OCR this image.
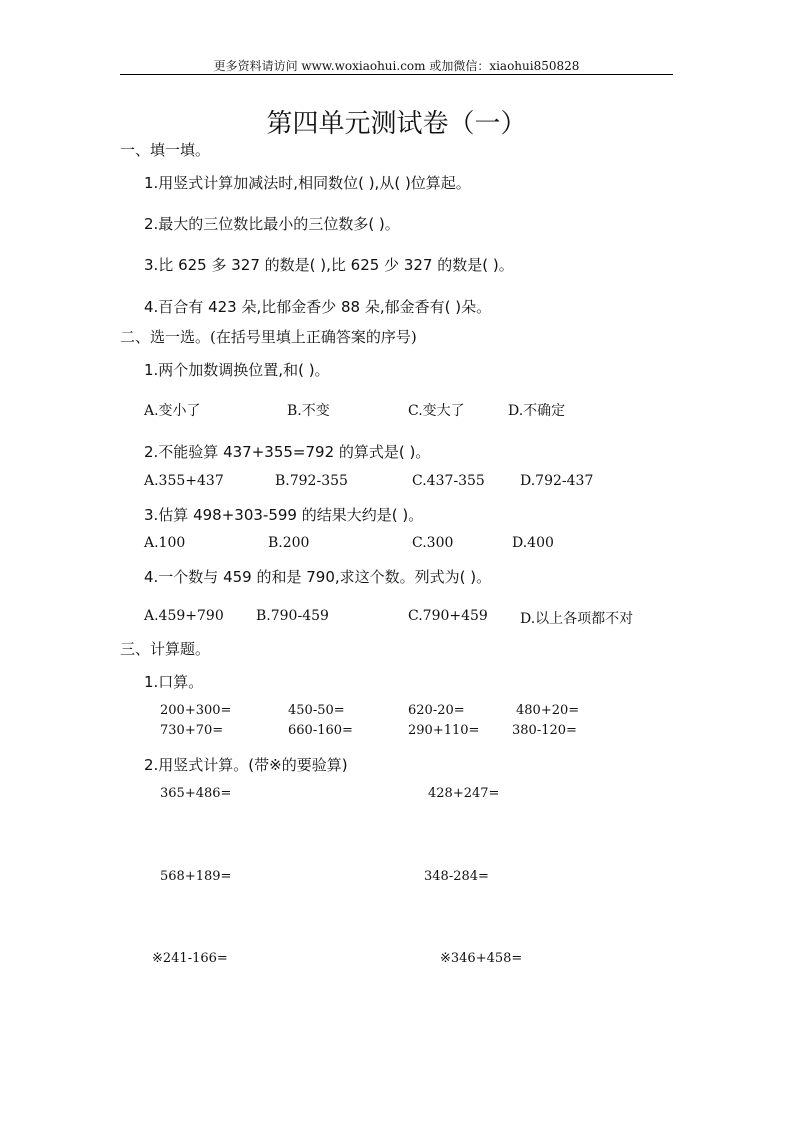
更多资料请访问 www.woxiaohui.com 或加微信：xiaohui850828
第四单元测试卷（一）
一、填一填。
1.用竖式计算加减法时,相同数位( ),从( )位算起。
2.最大的三位数比最小的三位数多( )。
3.比 625 多 327 的数是( ),比 625 少 327 的数是( )。
4.百合有 423 朵,比郁金香少 88 朵,郁金香有( )朵。
二、选一选。(在括号里填上正确答案的序号)
1.两个加数调换位置,和( )。
A.变小了	B.不变	C.变大了	D.不确定
2.不能验算 437+355=792 的算式是( )。
A.355+437	B.792-355	C.437-355	D.792-437
3.估算 498+303-599 的结果大约是( )。
A.100	B.200	C.300	D.400
4.一个数与 459 的和是 790,求这个数。列式为( )。
A.459+790 B.790-459	C.790+459 D.以上各项都不对
三、计算题。
1.口算。
200+300=	450-50=	620-20=	480+20=
730+70=	660-160=	290+110=	380-120=
2.用竖式计算。(带※的要验算)
365+486=	428+247=
568+189=	348-284=
※241-166=	※346+458=
